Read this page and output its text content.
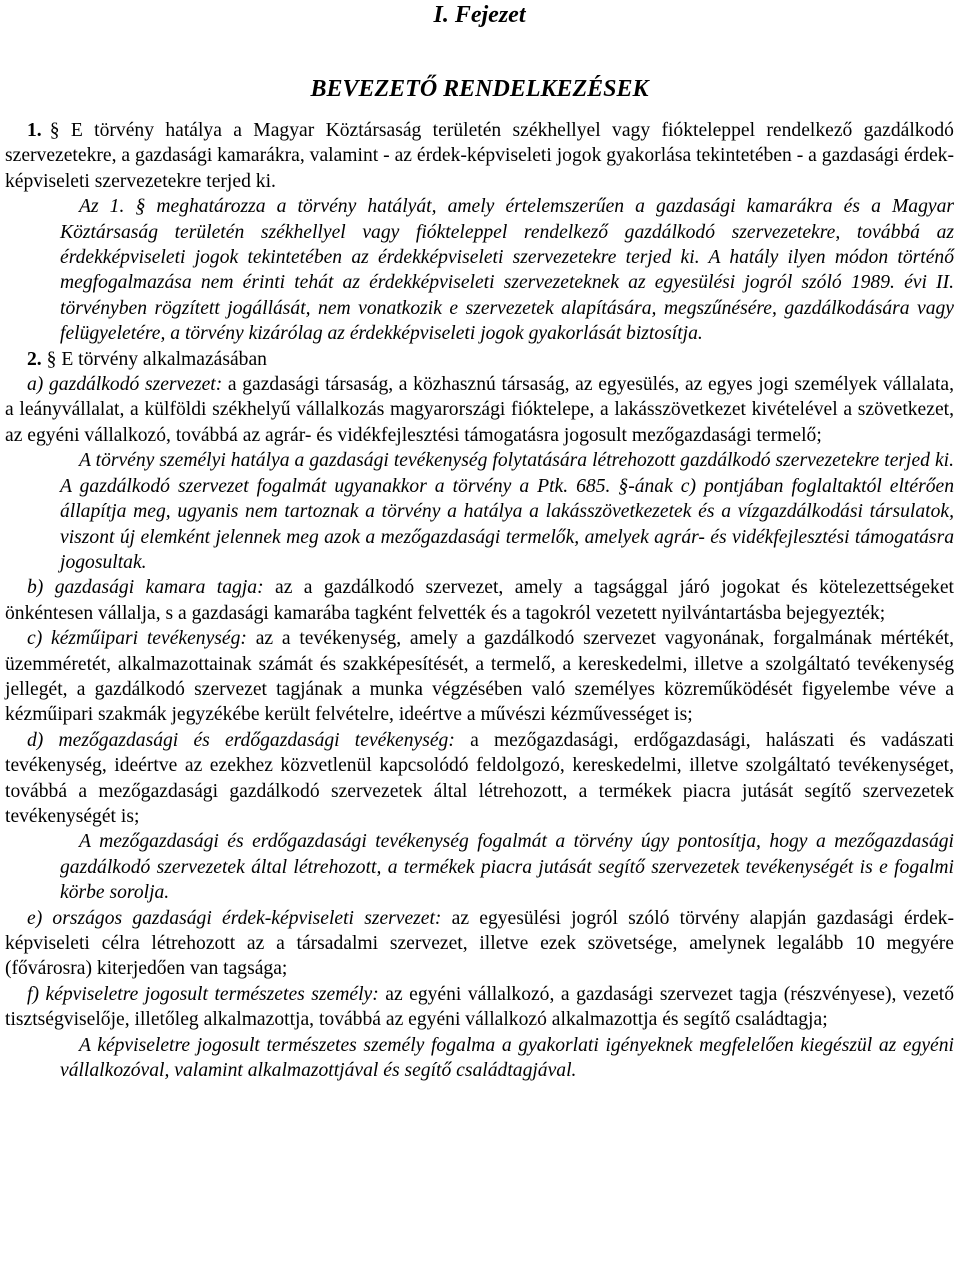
I. Fejezet
BEVEZETŐ RENDELKEZÉSEK

1. § E törvény hatálya a Magyar Köztársaság területén székhellyel vagy fiókteleppel rendelkező gazdálkodó szervezetekre, a gazdasági kamarákra, valamint - az érdek-képviseleti jogok gyakorlása tekintetében - a gazdasági érdek-képviseleti szervezetekre terjed ki.

Az 1. § meghatározza a törvény hatályát, amely értelemszerűen a gazdasági kamarákra és a Magyar Köztársaság területén székhellyel vagy fiókteleppel rendelkező gazdálkodó szervezetekre, továbbá az érdekképviseleti jogok tekintetében az érdekképviseleti szervezetekre terjed ki. A hatály ilyen módon történő megfogalmazása nem érinti tehát az érdekképviseleti szervezeteknek az egyesülési jogról szóló 1989. évi II. törvényben rögzített jogállását, nem vonatkozik e szervezetek alapítására, megszűnésére, gazdálkodására vagy felügyeletére, a törvény kizárólag az érdekképviseleti jogok gyakorlását biztosítja.

2. § E törvény alkalmazásában

a) gazdálkodó szervezet: a gazdasági társaság, a közhasznú társaság, az egyesülés, az egyes jogi személyek vállalata, a leányvállalat, a külföldi székhelyű vállalkozás magyarországi fióktelepe, a lakásszövetkezet kivételével a szövetkezet, az egyéni vállalkozó, továbbá az agrár- és vidékfejlesztési támogatásra jogosult mezőgazdasági termelő;

A törvény személyi hatálya a gazdasági tevékenység folytatására létrehozott gazdálkodó szervezetekre terjed ki. A gazdálkodó szervezet fogalmát ugyanakkor a törvény a Ptk. 685. §-ának c) pontjában foglaltaktól eltérően állapítja meg, ugyanis nem tartoznak a törvény a hatálya a lakásszövetkezetek és a vízgazdálkodási társulatok, viszont új elemként jelennek meg azok a mezőgazdasági termelők, amelyek agrár- és vidékfejlesztési támogatásra jogosultak.

b) gazdasági kamara tagja: az a gazdálkodó szervezet, amely a tagsággal járó jogokat és kötelezettségeket önkéntesen vállalja, s a gazdasági kamarába tagként felvették és a tagokról vezetett nyilvántartásba bejegyezték;

c) kézműipari tevékenység: az a tevékenység, amely a gazdálkodó szervezet vagyonának, forgalmának mértékét, üzemméretét, alkalmazottainak számát és szakképesítését, a termelő, a kereskedelmi, illetve a szolgáltató tevékenység jellegét, a gazdálkodó szervezet tagjának a munka végzésében való személyes közreműködését figyelembe véve a kézműipari szakmák jegyzékébe került felvételre, ideértve a művészi kézművességet is;

d) mezőgazdasági és erdőgazdasági tevékenység: a mezőgazdasági, erdőgazdasági, halászati és vadászati tevékenység, ideértve az ezekhez közvetlenül kapcsolódó feldolgozó, kereskedelmi, illetve szolgáltató tevékenységet, továbbá a mezőgazdasági gazdálkodó szervezetek által létrehozott, a termékek piacra jutását segítő szervezetek tevékenységét is;

A mezőgazdasági és erdőgazdasági tevékenység fogalmát a törvény úgy pontosítja, hogy a mezőgazdasági gazdálkodó szervezetek által létrehozott, a termékek piacra jutását segítő szervezetek tevékenységét is e fogalmi körbe sorolja.

e) országos gazdasági érdek-képviseleti szervezet: az egyesülési jogról szóló törvény alapján gazdasági érdek-képviseleti célra létrehozott az a társadalmi szervezet, illetve ezek szövetsége, amelynek legalább 10 megyére (fővárosra) kiterjedően van tagsága;

f) képviseletre jogosult természetes személy: az egyéni vállalkozó, a gazdasági szervezet tagja (részvényese), vezető tisztségviselője, illetőleg alkalmazottja, továbbá az egyéni vállalkozó alkalmazottja és segítő családtagja;

A képviseletre jogosult természetes személy fogalma a gyakorlati igényeknek megfelelően kiegészül az egyéni vállalkozóval, valamint alkalmazottjával és segítő családtagjával.
